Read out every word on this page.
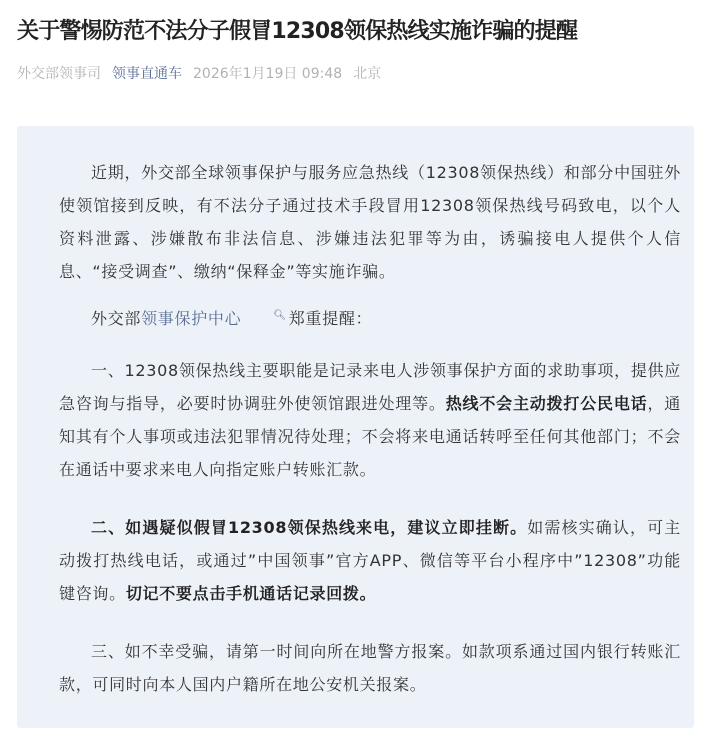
关于警惕防范不法分子假冒12308领保热线实施诈骗的提醒
外交部领事司 领事直通车 2026年1月19日 09:48 北京

近期，外交部全球领事保护与服务应急热线（12308领保热线）和部分中国驻外使领馆接到反映，有不法分子通过技术手段冒用12308领保热线号码致电，以个人资料泄露、涉嫌散布非法信息、涉嫌违法犯罪等为由，诱骗接电人提供个人信息、“接受调查”、缴纳“保释金”等实施诈骗。

外交部领事保护中心	🔍︎ 郑重提醒：

一、12308领保热线主要职能是记录来电人涉领事保护方面的求助事项，提供应急咨询与指导，必要时协调驻外使领馆跟进处理等。热线不会主动拨打公民电话，通知其有个人事项或违法犯罪情况待处理；不会将来电通话转呼至任何其他部门；不会在通话中要求来电人向指定账户转账汇款。

二、如遇疑似假冒12308领保热线来电，建议立即挂断。如需核实确认，可主动拨打热线电话，或通过”中国领事”官方APP、微信等平台小程序中”12308”功能键咨询。切记不要点击手机通话记录回拨。

三、如不幸受骗，请第一时间向所在地警方报案。如款项系通过国内银行转账汇款，可同时向本人国内户籍所在地公安机关报案。
